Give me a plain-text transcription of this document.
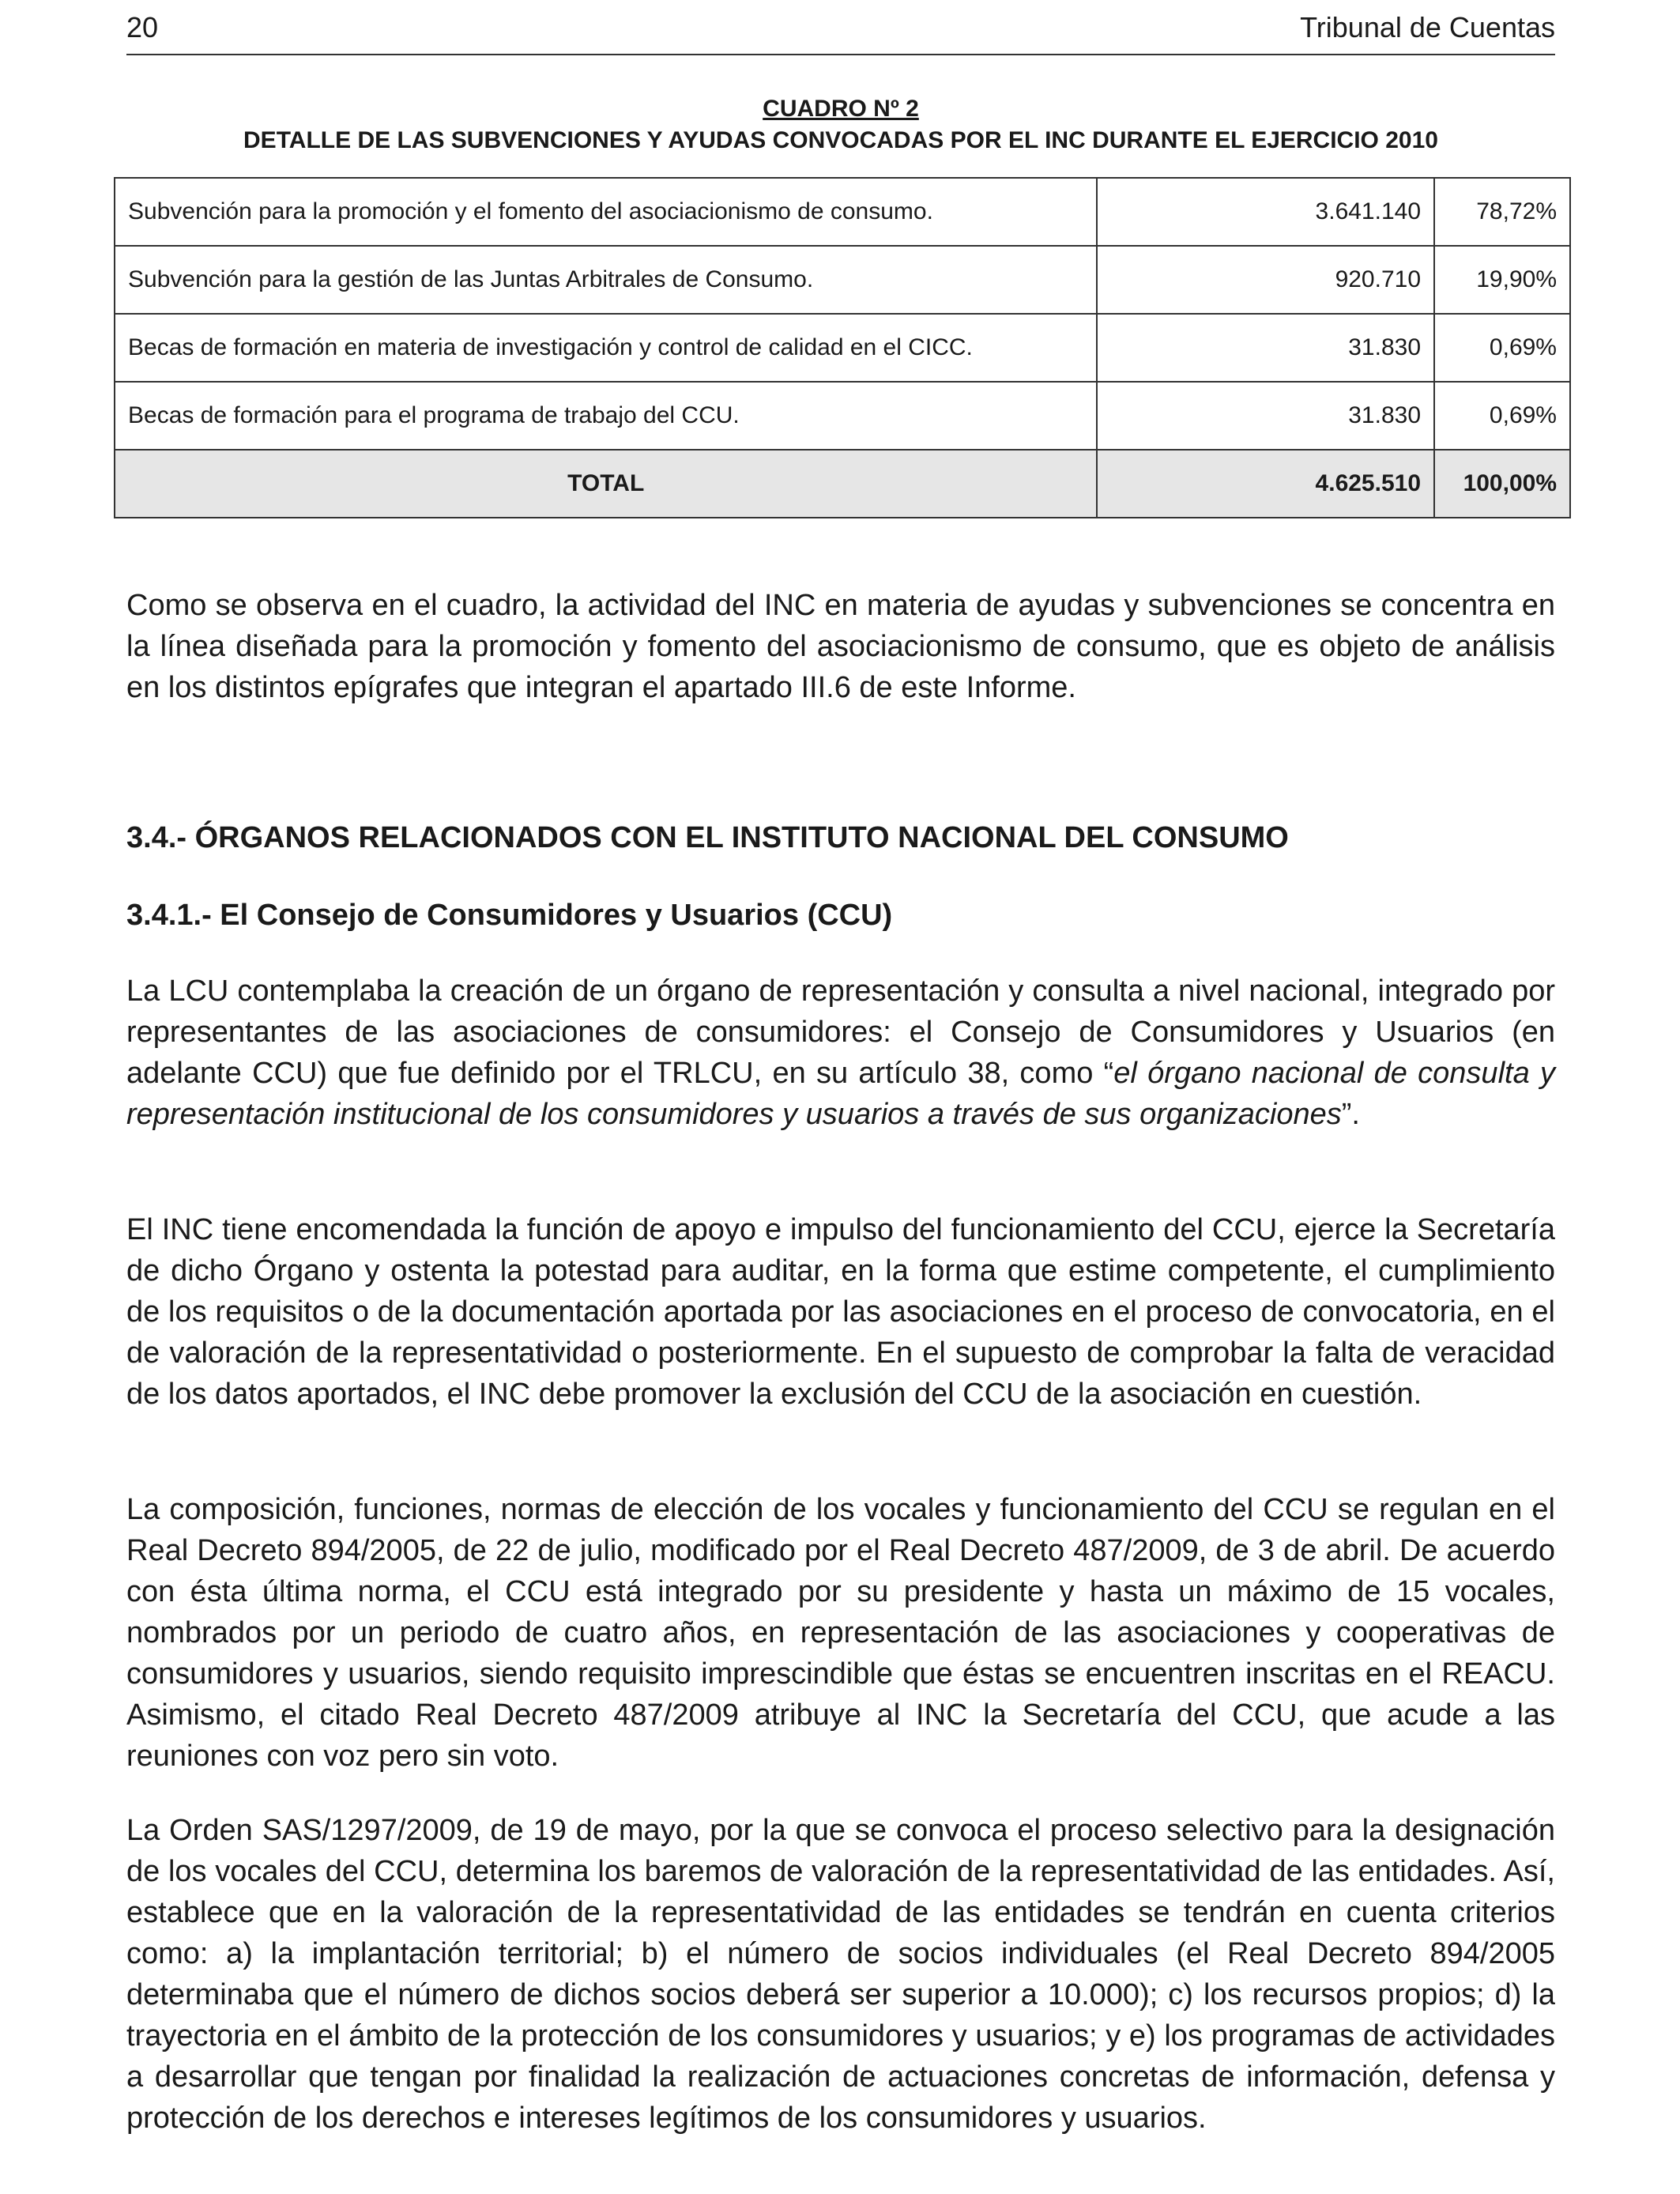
20	Tribunal de Cuentas
CUADRO Nº 2
DETALLE DE LAS SUBVENCIONES Y AYUDAS CONVOCADAS POR EL INC DURANTE EL EJERCICIO 2010
Subvención para la promoción y el fomento del asociacionismo de consumo.	3.641.140	78,72%
Subvención para la gestión de las Juntas Arbitrales de Consumo.	920.710	19,90%
Becas de formación en materia de investigación y control de calidad en el CICC.	31.830	0,69%
Becas de formación para el programa de trabajo del CCU.	31.830	0,69%
TOTAL	4.625.510	100,00%

Como se observa en el cuadro, la actividad del INC en materia de ayudas y subvenciones se concentra en la línea diseñada para la promoción y fomento del asociacionismo de consumo, que es objeto de análisis en los distintos epígrafes que integran el apartado III.6 de este Informe.

3.4.- ÓRGANOS RELACIONADOS CON EL INSTITUTO NACIONAL DEL CONSUMO
3.4.1.- El Consejo de Consumidores y Usuarios (CCU)

La LCU contemplaba la creación de un órgano de representación y consulta a nivel nacional, integrado por representantes de las asociaciones de consumidores: el Consejo de Consumidores y Usuarios (en adelante CCU) que fue definido por el TRLCU, en su artículo 38, como “el órgano nacional de consulta y representación institucional de los consumidores y usuarios a través de sus organizaciones”.

El INC tiene encomendada la función de apoyo e impulso del funcionamiento del CCU, ejerce la Secretaría de dicho Órgano y ostenta la potestad para auditar, en la forma que estime competente, el cumplimiento de los requisitos o de la documentación aportada por las asociaciones en el proceso de convocatoria, en el de valoración de la representatividad o posteriormente. En el supuesto de comprobar la falta de veracidad de los datos aportados, el INC debe promover la exclusión del CCU de la asociación en cuestión.

La composición, funciones, normas de elección de los vocales y funcionamiento del CCU se regulan en el Real Decreto 894/2005, de 22 de julio, modificado por el Real Decreto 487/2009, de 3 de abril. De acuerdo con ésta última norma, el CCU está integrado por su presidente y hasta un máximo de 15 vocales, nombrados por un periodo de cuatro años, en representación de las asociaciones y cooperativas de consumidores y usuarios, siendo requisito imprescindible que éstas se encuentren inscritas en el REACU. Asimismo, el citado Real Decreto 487/2009 atribuye al INC la Secretaría del CCU, que acude a las reuniones con voz pero sin voto.

La Orden SAS/1297/2009, de 19 de mayo, por la que se convoca el proceso selectivo para la designación de los vocales del CCU, determina los baremos de valoración de la representatividad de las entidades. Así, establece que en la valoración de la representatividad de las entidades se tendrán en cuenta criterios como: a) la implantación territorial; b) el número de socios individuales (el Real Decreto 894/2005 determinaba que el número de dichos socios deberá ser superior a 10.000); c) los recursos propios; d) la trayectoria en el ámbito de la protección de los consumidores y usuarios; y e) los programas de actividades a desarrollar que tengan por finalidad la realización de actuaciones concretas de información, defensa y protección de los derechos e intereses legítimos de los consumidores y usuarios.
